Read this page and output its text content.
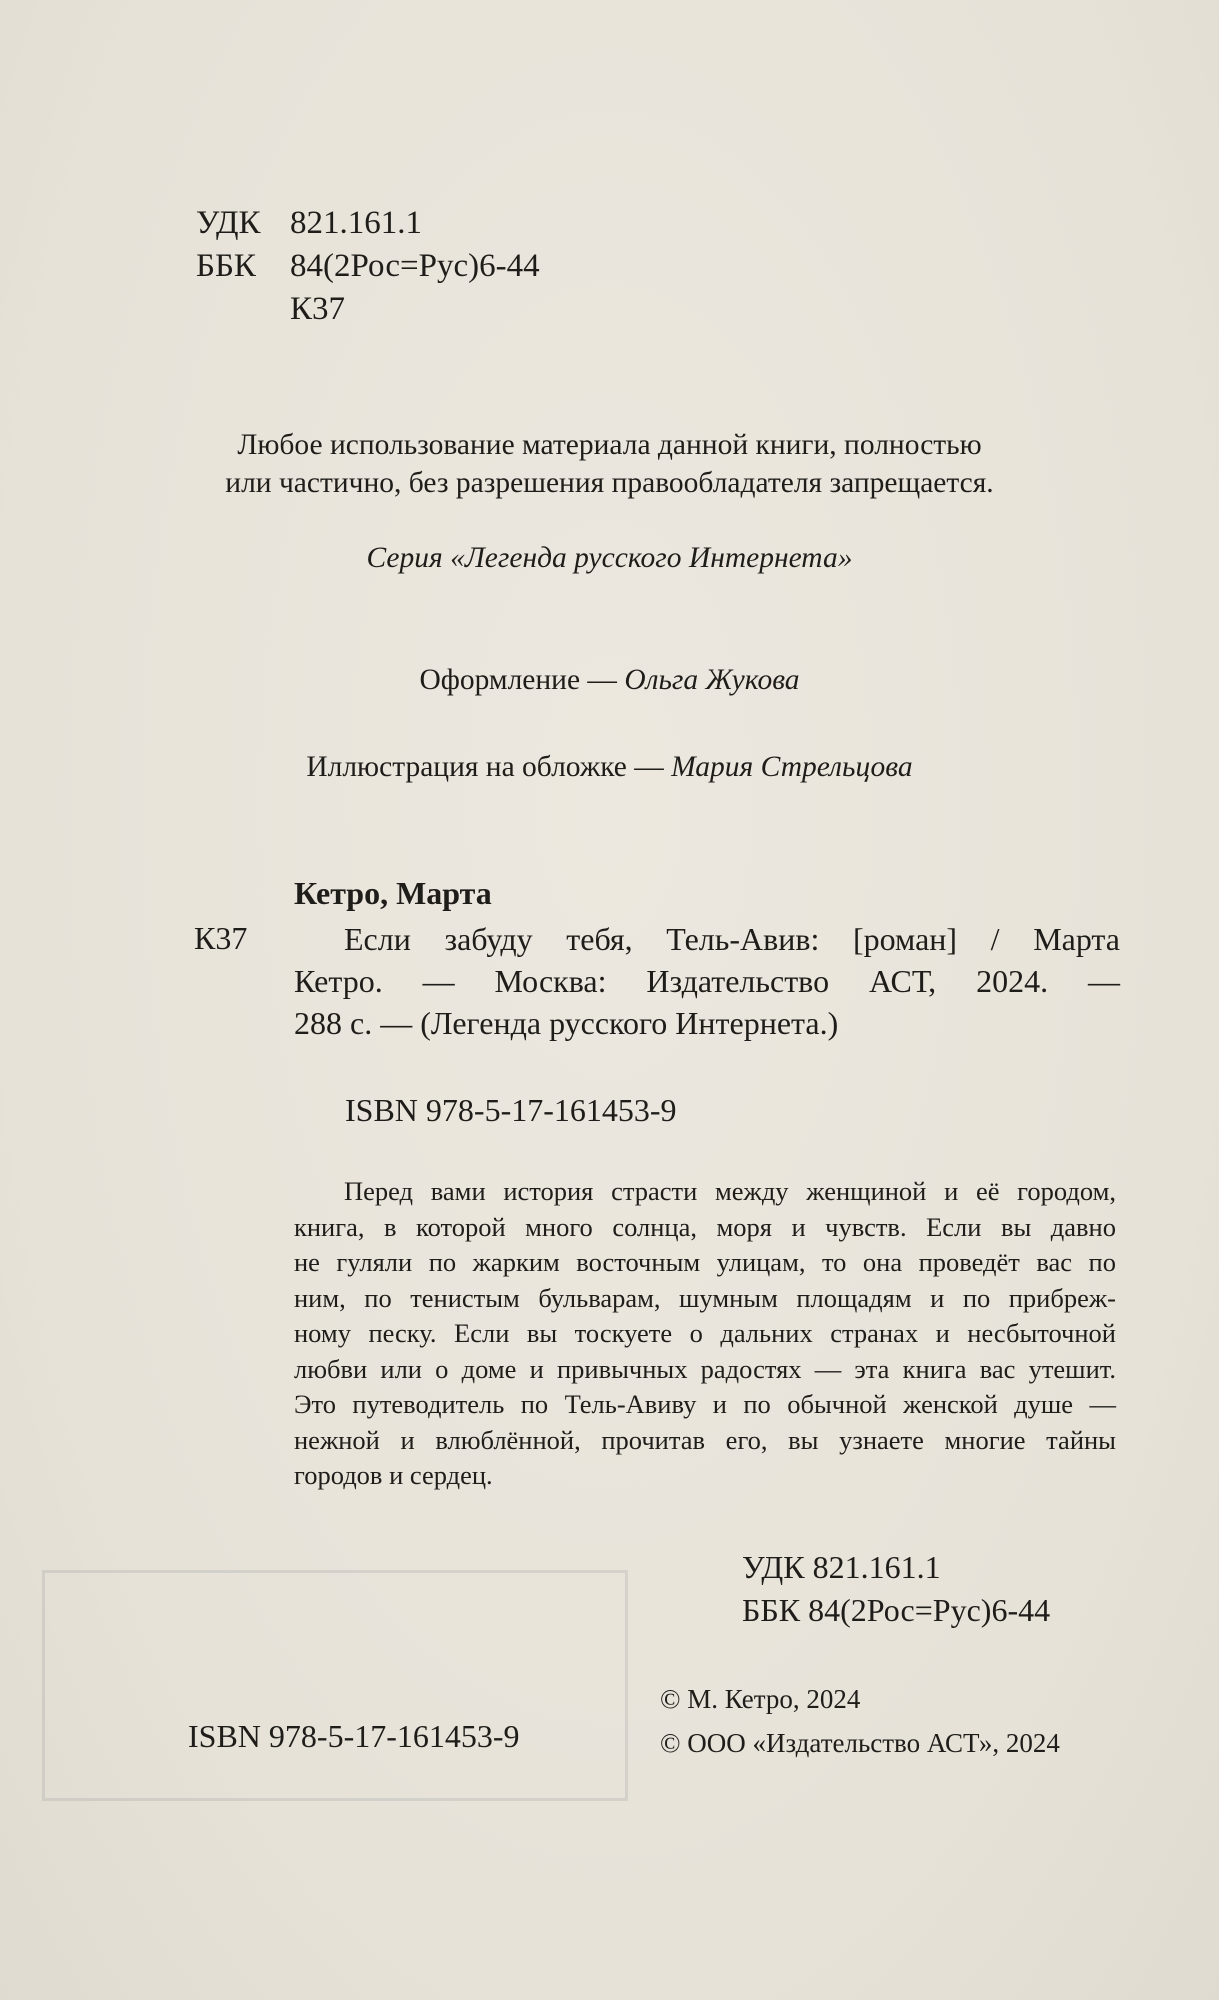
УДК 821.161.1
ББК	84(2Рос=Рус)6-44
К37
Любое использование материала данной книги, полностью
или частично, без разрешения правообладателя запрещается.
Серия «Легенда русского Интернета»
Оформление — Ольга Жукова
Иллюстрация на обложке — Мария Стрельцова
Кетро, Марта
К37	Если забуду тебя, Тель-Авив: [роман] / Марта
Кетро. — Москва: Издательство АСТ, 2024. —
288 с. — (Легенда русского Интернета.)
ISBN 978-5-17-161453-9
Перед вами история страсти между женщиной и её городом,
книга, в которой много солнца, моря и чувств. Если вы давно
не гуляли по жарким восточным улицам, то она проведёт вас по
ним, по тенистым бульварам, шумным площадям и по прибреж-
ному песку. Если вы тоскуете о дальних странах и несбыточной
любви или о доме и привычных радостях — эта книга вас утешит.
Это путеводитель по Тель-Авиву и по обычной женской душе —
нежной и влюблённой, прочитав его, вы узнаете многие тайны
городов и сердец.
УДК 821.161.1
ББК 84(2Рос=Рус)6-44
ISBN 978-5-17-161453-9
© М. Кетро, 2024
© ООО «Издательство АСТ», 2024
